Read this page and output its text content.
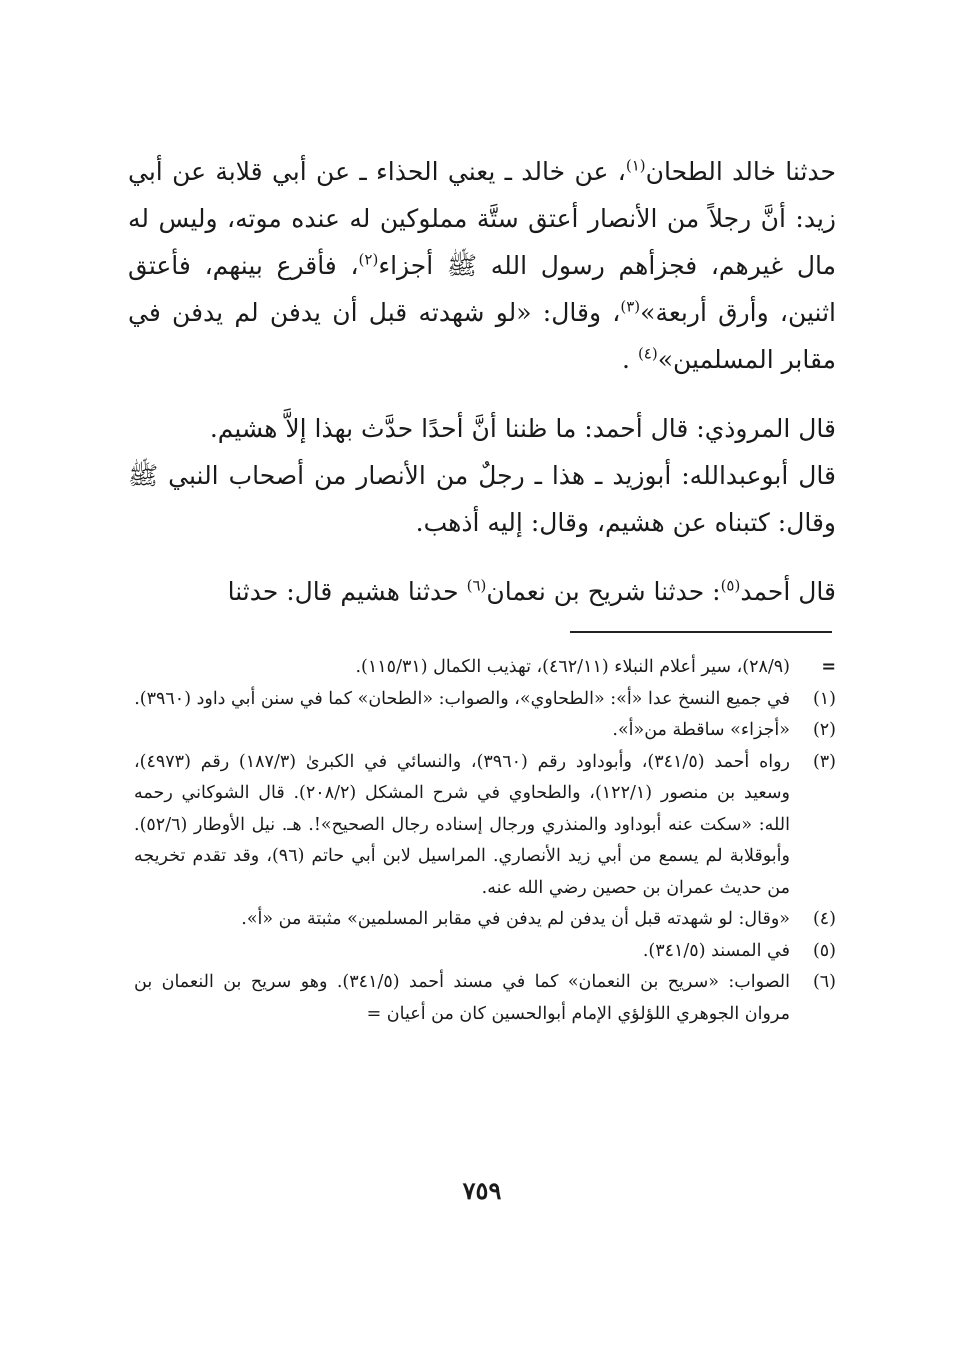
حدثنا خالد الطحان$^{(١)}$، عن خالد ـ يعني الحذاء ـ عن أبي قلابة عن أبي زيد: أنَّ رجلاً من الأنصار أعتق ستَّة مملوكين له عنده موته، وليس له مال غيرهم، فجزأهم رسول الله ﷺ أجزاء$^{(٢)}$، فأقرع بينهم، فأعتق اثنين، وأرق أربعة»$^{(٣)}$، وقال: «لو شهدته قبل أن يدفن لم يدفن في مقابر المسلمين»$^{(٤)}$ .

قال المروذي: قال أحمد: ما ظننا أنَّ أحدًا حدَّث بهذا إلاَّ هشيم.
قال أبوعبدالله: أبوزيد ـ هذا ـ رجلٌ من الأنصار من أصحاب النبي ﷺ وقال: كتبناه عن هشيم، وقال: إليه أذهب.

قال أحمد$^{(٥)}$: حدثنا شريح بن نعمان$^{(٦)}$ حدثنا هشيم قال: حدثنا

=
(٢٨/٩)، سير أعلام النبلاء (٤٦٢/١١)، تهذيب الكمال (١١٥/٣١).
(١)
في جميع النسخ عدا «أ»: «الطحاوي»، والصواب: «الطحان» كما في سنن أبي داود (٣٩٦٠).
(٢)
«أجزاء» ساقطة من«أ».
(٣)
رواه أحمد (٣٤١/٥)، وأبوداود رقم (٣٩٦٠)، والنسائي في الكبرىٰ (١٨٧/٣) رقم (٤٩٧٣)، وسعيد بن منصور (١٢٢/١)، والطحاوي في شرح المشكل (٢٠٨/٢). قال الشوكاني رحمه الله: «سكت عنه أبوداود والمنذري ورجال إسناده رجال الصحيح»!. هـ. نيل الأوطار (٥٢/٦). وأبوقلابة لم يسمع من أبي زيد الأنصاري. المراسيل لابن أبي حاتم (٩٦)، وقد تقدم تخريجه من حديث عمران بن حصين رضي الله عنه.
(٤)
«وقال: لو شهدته قبل أن يدفن لم يدفن في مقابر المسلمين» مثبتة من «أ».
(٥)
في المسند (٣٤١/٥).
(٦)
الصواب: «سريح بن النعمان» كما في مسند أحمد (٣٤١/٥). وهو سريح بن النعمان بن مروان الجوهري اللؤلؤي الإمام أبوالحسين كان من أعيان =
٧٥٩
